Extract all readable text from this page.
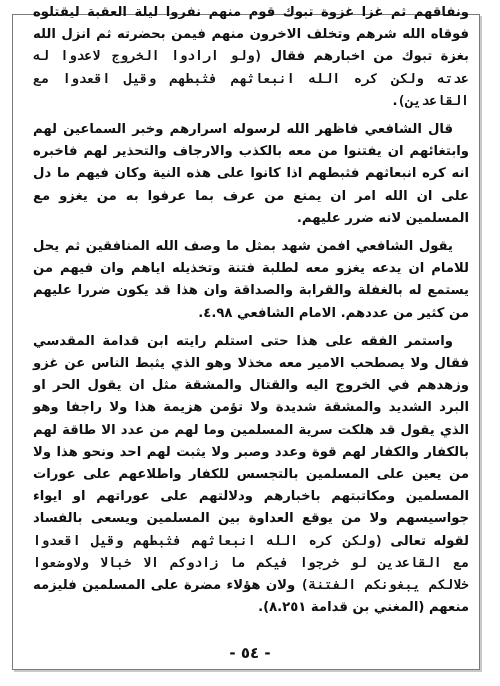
ونفاقهم ثم غزا غزوة تبوك قوم منهم نفروا ليلة العقبة ليقتلوه فوقاه الله شرهم وتخلف الاخرون منهم فيمن بحضرته ثم انزل الله بغزة تبوك من اخبارهم فقال (ولو ارادوا الخروج لاعدوا له عدته ولكن كره الله انبعاثهم فثبطهم وقيل اقعدوا مع القاعدين).

قال الشافعي فاظهر الله لرسوله اسرارهم وخبر السماعين لهم وابتغائهم ان يفتنوا من معه بالكذب والارجاف والتحذير لهم فاخبره انه كره انبعاثهم فثبطهم اذا كانوا على هذه النية وكان فيهم ما دل على ان الله امر ان يمنع من عرف بما عرفوا به من يغزو مع المسلمين لانه ضرر عليهم.

يقول الشافعي افمن شهد بمثل ما وصف الله المنافقين ثم يحل للامام ان يدعه يغزو معه لطلبة فتنة وتخذيله اياهم وان فيهم من يستمع له بالغفلة والقرابة والصداقة وان هذا قد يكون ضررا عليهم من كثير من عددهم. الامام الشافعي ٤.٩٨.

واستمر الفقه على هذا حتى استلم رايته ابن قدامة المقدسي فقال ولا يصطحب الامير معه مخذلا وهو الذي يثبط الناس عن غزو وزهدهم في الخروج اليه والقتال والمشقة مثل ان يقول الحر او البرد الشديد والمشقة شديدة ولا تؤمن هزيمة هذا ولا راجفا وهو الذي يقول قد هلكت سرية المسلمين وما لهم من عدد الا طاقة لهم بالكفار والكفار لهم قوة وعدد وصبر ولا يثبت لهم احد ونحو هذا ولا من يعين على المسلمين بالتجسس للكفار واطلاعهم على عورات المسلمين ومكاتبتهم باخبارهم ودلالتهم على عوراتهم او ايواء جواسيسهم ولا من يوقع العداوة بين المسلمين ويسعى بالفساد لقوله تعالى (ولكن كره الله انبعاثهم فثبطهم وقيل اقعدوا مع القاعدين لو خرجوا فيكم ما زادوكم الا خبالا ولاوضعوا خلالكم يبغونكم الفتنة) ولان هؤلاء مضرة على المسلمين فليزمه منعهم (المغني بن قدامة ٨.٢٥١).

- ٥٤ -
